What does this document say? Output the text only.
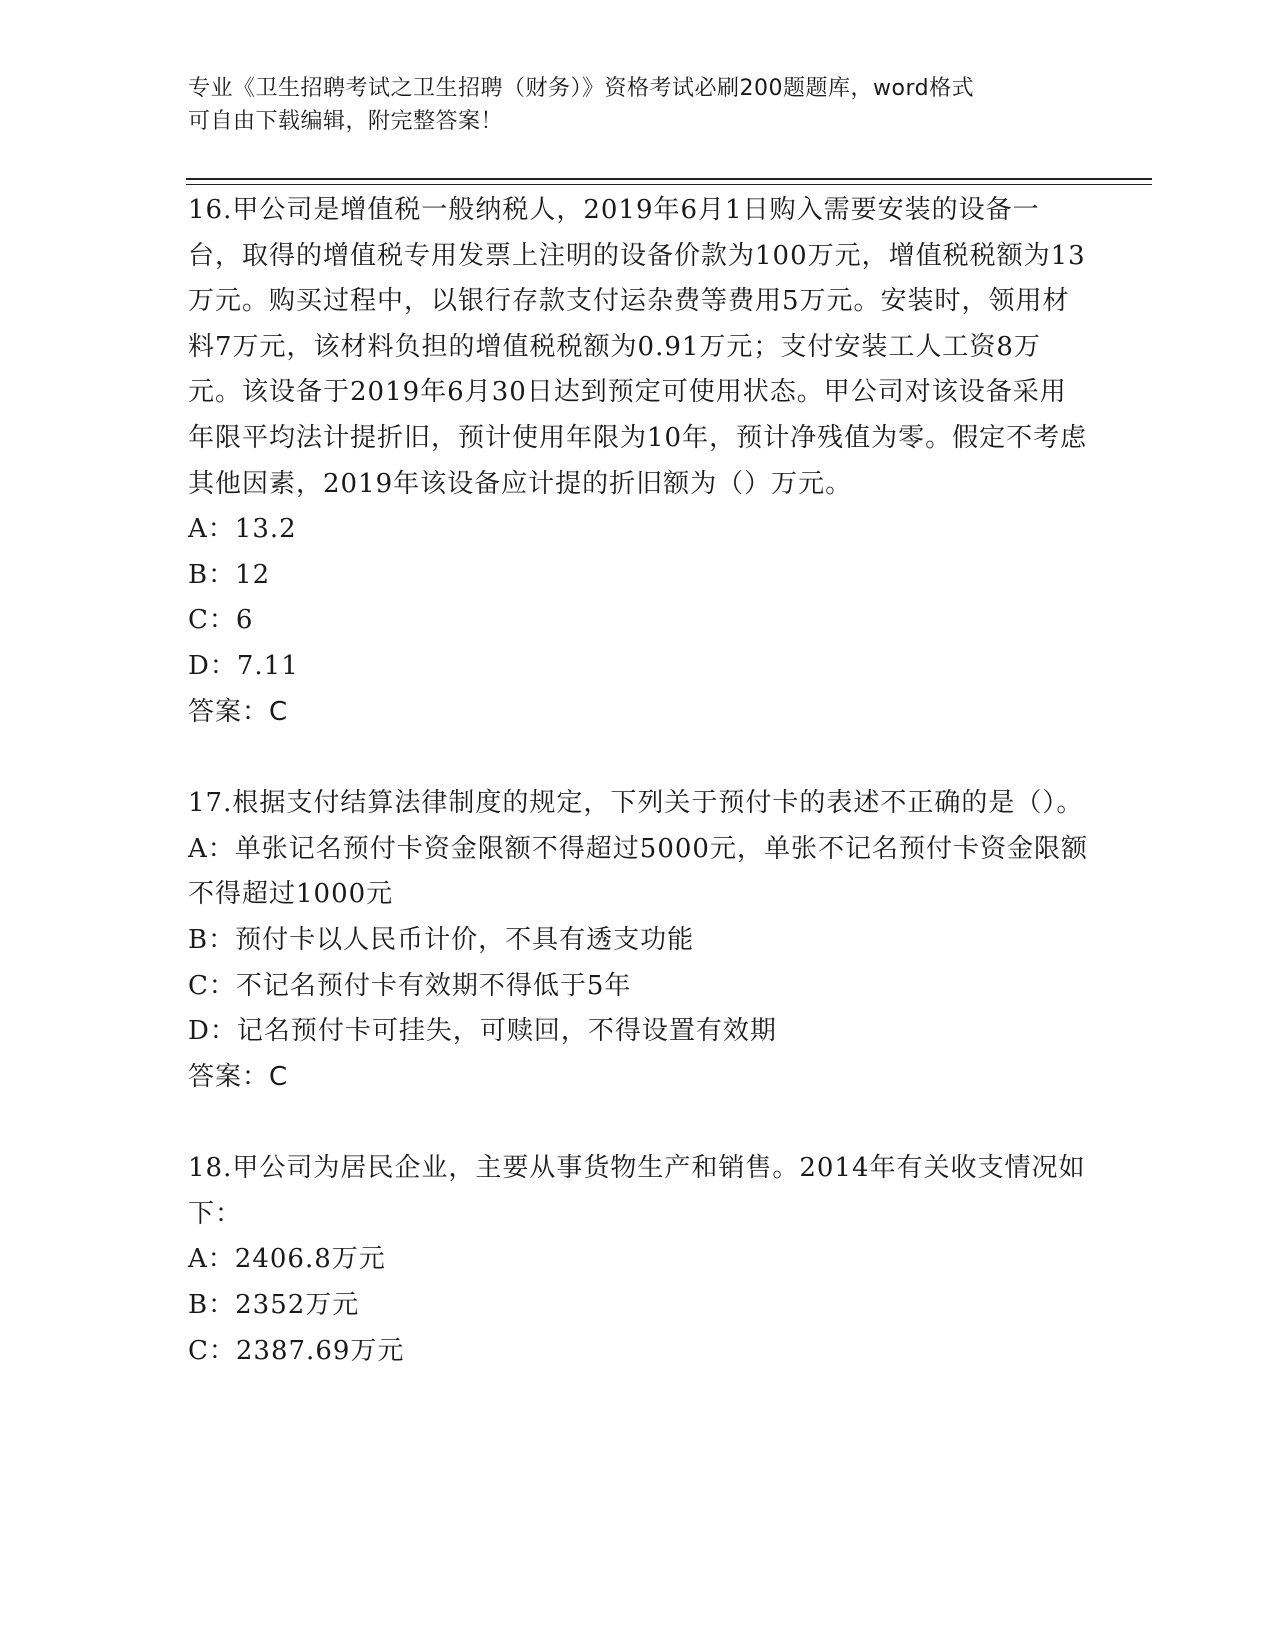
专业《卫生招聘考试之卫生招聘（财务）》资格考试必刷200题题库，word格式
可自由下载编辑，附完整答案！

16.甲公司是增值税一般纳税人，2019年6月1日购入需要安装的设备一台，取得的增值税专用发票上注明的设备价款为100万元，增值税税额为13万元。购买过程中，以银行存款支付运杂费等费用5万元。安装时，领用材料7万元，该材料负担的增值税税额为0.91万元；支付安装工人工资8万元。该设备于2019年6月30日达到预定可使用状态。甲公司对该设备采用年限平均法计提折旧，预计使用年限为10年，预计净残值为零。假定不考虑其他因素，2019年该设备应计提的折旧额为（）万元。

A：13.2

B：12

C：6

D：7.11

答案：C

17.根据支付结算法律制度的规定，下列关于预付卡的表述不正确的是（）。

A：单张记名预付卡资金限额不得超过5000元，单张不记名预付卡资金限额不得超过1000元

B：预付卡以人民币计价，不具有透支功能

C：不记名预付卡有效期不得低于5年

D：记名预付卡可挂失，可赎回，不得设置有效期

答案：C

18.甲公司为居民企业，主要从事货物生产和销售。2014年有关收支情况如下：

A：2406.8万元

B：2352万元

C：2387.69万元
